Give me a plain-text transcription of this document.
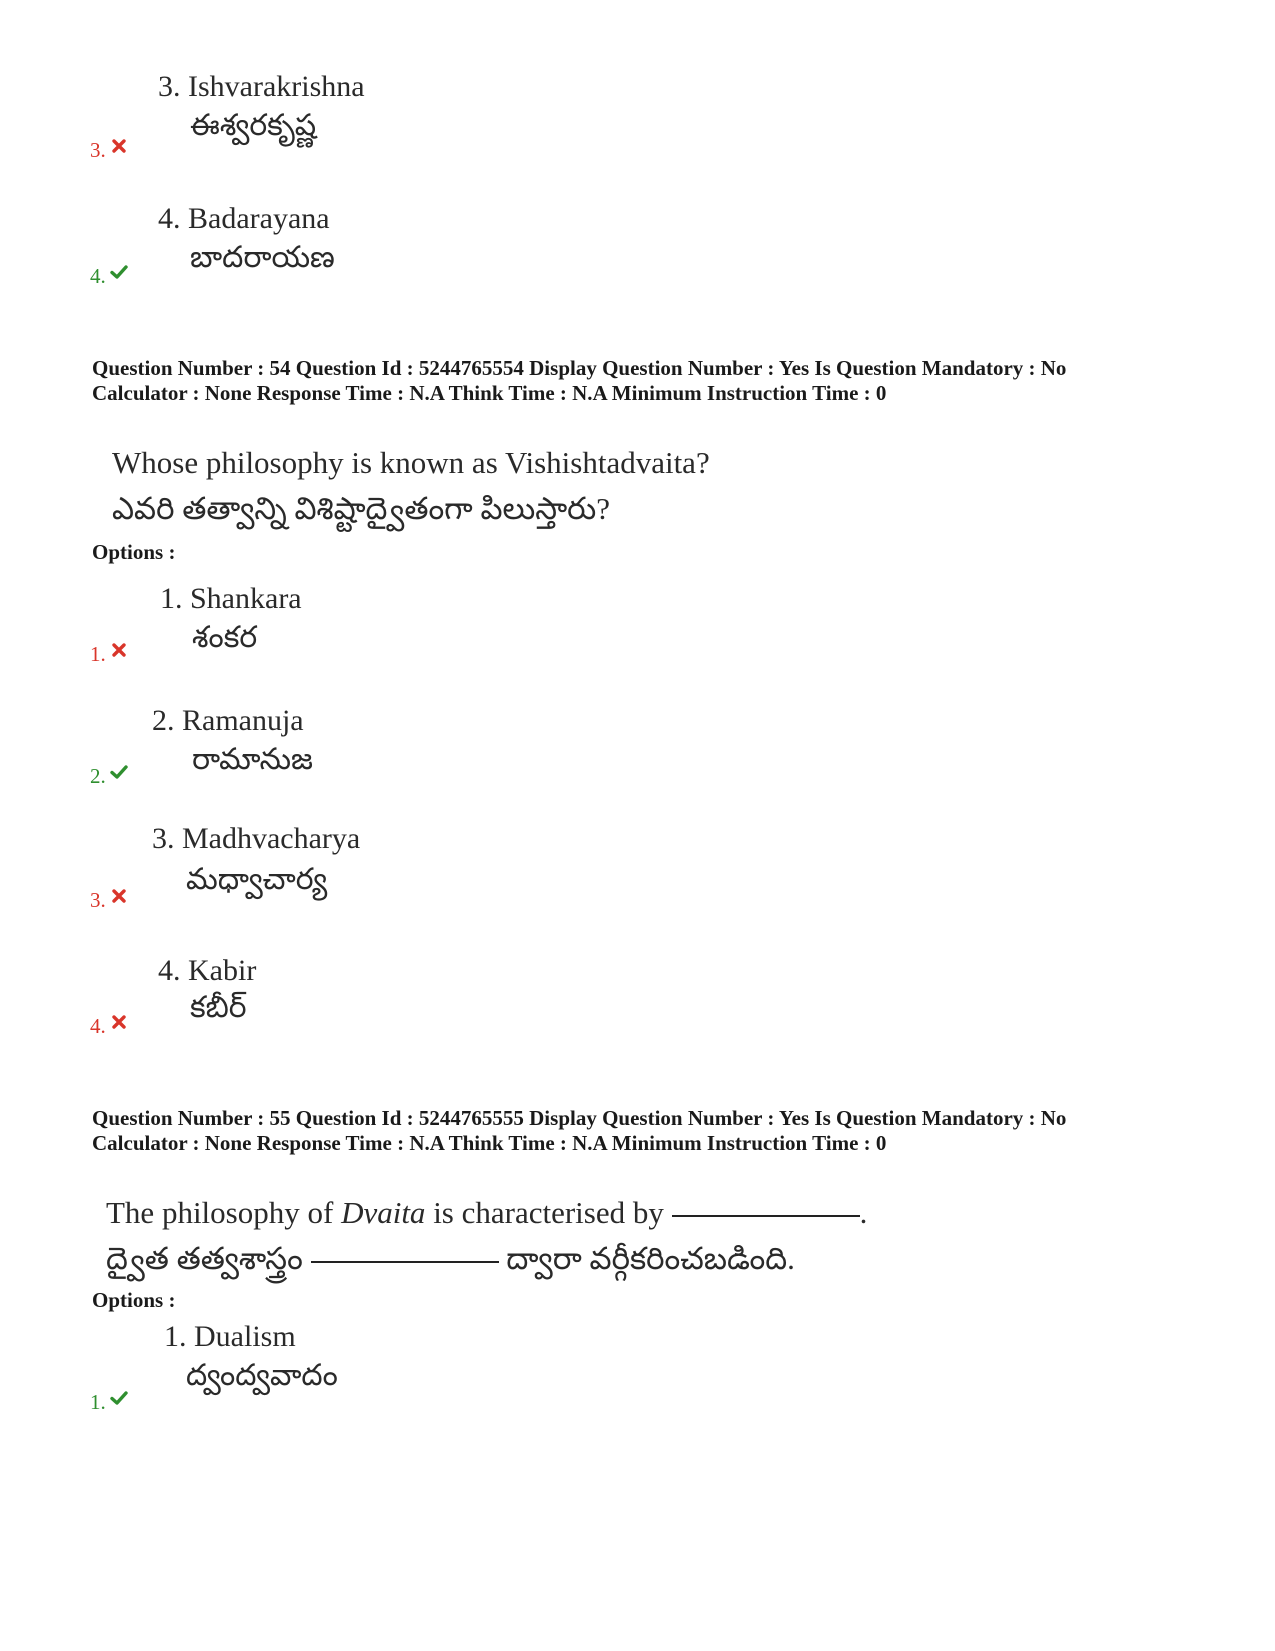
3. Ishvarakrishna
ఈశ్వరకృష్ణ
3.
4. Badarayana
బాదరాయణ
4.
Question Number : 54 Question Id : 5244765554 Display Question Number : Yes Is Question Mandatory : No
Calculator : None Response Time : N.A Think Time : N.A Minimum Instruction Time : 0
Whose philosophy is known as Vishishtadvaita?
ఎవరి తత్వాన్ని విశిష్టాద్వైతంగా పిలుస్తారు?
Options :
1. Shankara
శంకర
1.
2. Ramanuja
రామానుజ
2.
3. Madhvacharya
మధ్వాచార్య
3.
4. Kabir
కబీర్
4.
Question Number : 55 Question Id : 5244765555 Display Question Number : Yes Is Question Mandatory : No
Calculator : None Response Time : N.A Think Time : N.A Minimum Instruction Time : 0
The philosophy of Dvaita is characterised by	.
ద్వైత తత్వశాస్త్రం	ద్వారా వర్గీకరించబడింది.
Options :
1. Dualism
ద్వంద్వవాదం
1.
